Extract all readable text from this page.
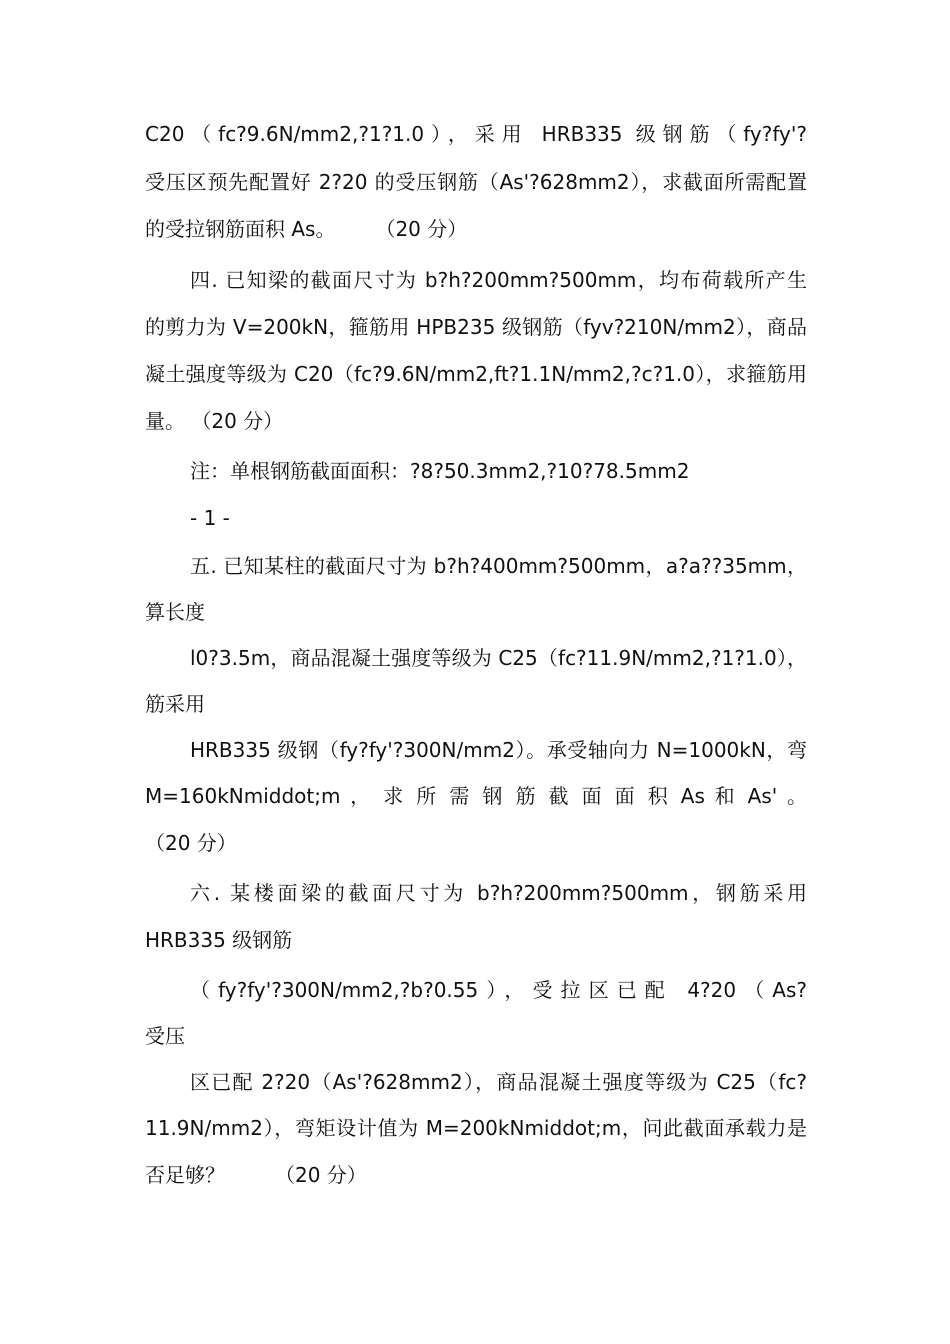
C20（fc?9.6N/mm2,?1?1.0），采用 HRB335 级钢筋（fy?fy'?
受压区预先配置好 2?20 的受压钢筋（As'?628mm2），求截面所需配置
的受拉钢筋面积 As。　　　（20 分）
四. 已知梁的截面尺寸为 b?h?200mm?500mm，均布荷载所产生
的剪力为 V=200kN，箍筋用 HPB235 级钢筋（fyv?210N/mm2），商品
凝土强度等级为 C20（fc?9.6N/mm2,ft?1.1N/mm2,?c?1.0），求箍筋用
量。 （20 分）
注：单根钢筋截面面积：?8?50.3mm2,?10?78.5mm2
- 1 -
五. 已知某柱的截面尺寸为 b?h?400mm?500mm，a?a??35mm，
算长度
l0?3.5m，商品混凝土强度等级为 C25（fc?11.9N/mm2,?1?1.0），
筋采用
HRB335 级钢（fy?fy'?300N/mm2）。承受轴向力 N=1000kN，弯
M=160kNmiddot;m ， 求 所 需 钢 筋 截 面 面 积 As 和 As' 。
（20 分）
六. 某楼面梁的截面尺寸为 b?h?200mm?500mm，钢筋采用
HRB335 级钢筋
（fy?fy'?300N/mm2,?b?0.55），受拉区已配 4?20（As?
受压
区已配 2?20（As'?628mm2），商品混凝土强度等级为 C25（fc?
11.9N/mm2），弯矩设计值为 M=200kNmiddot;m，问此截面承载力是
否足够？　　　（20 分）
